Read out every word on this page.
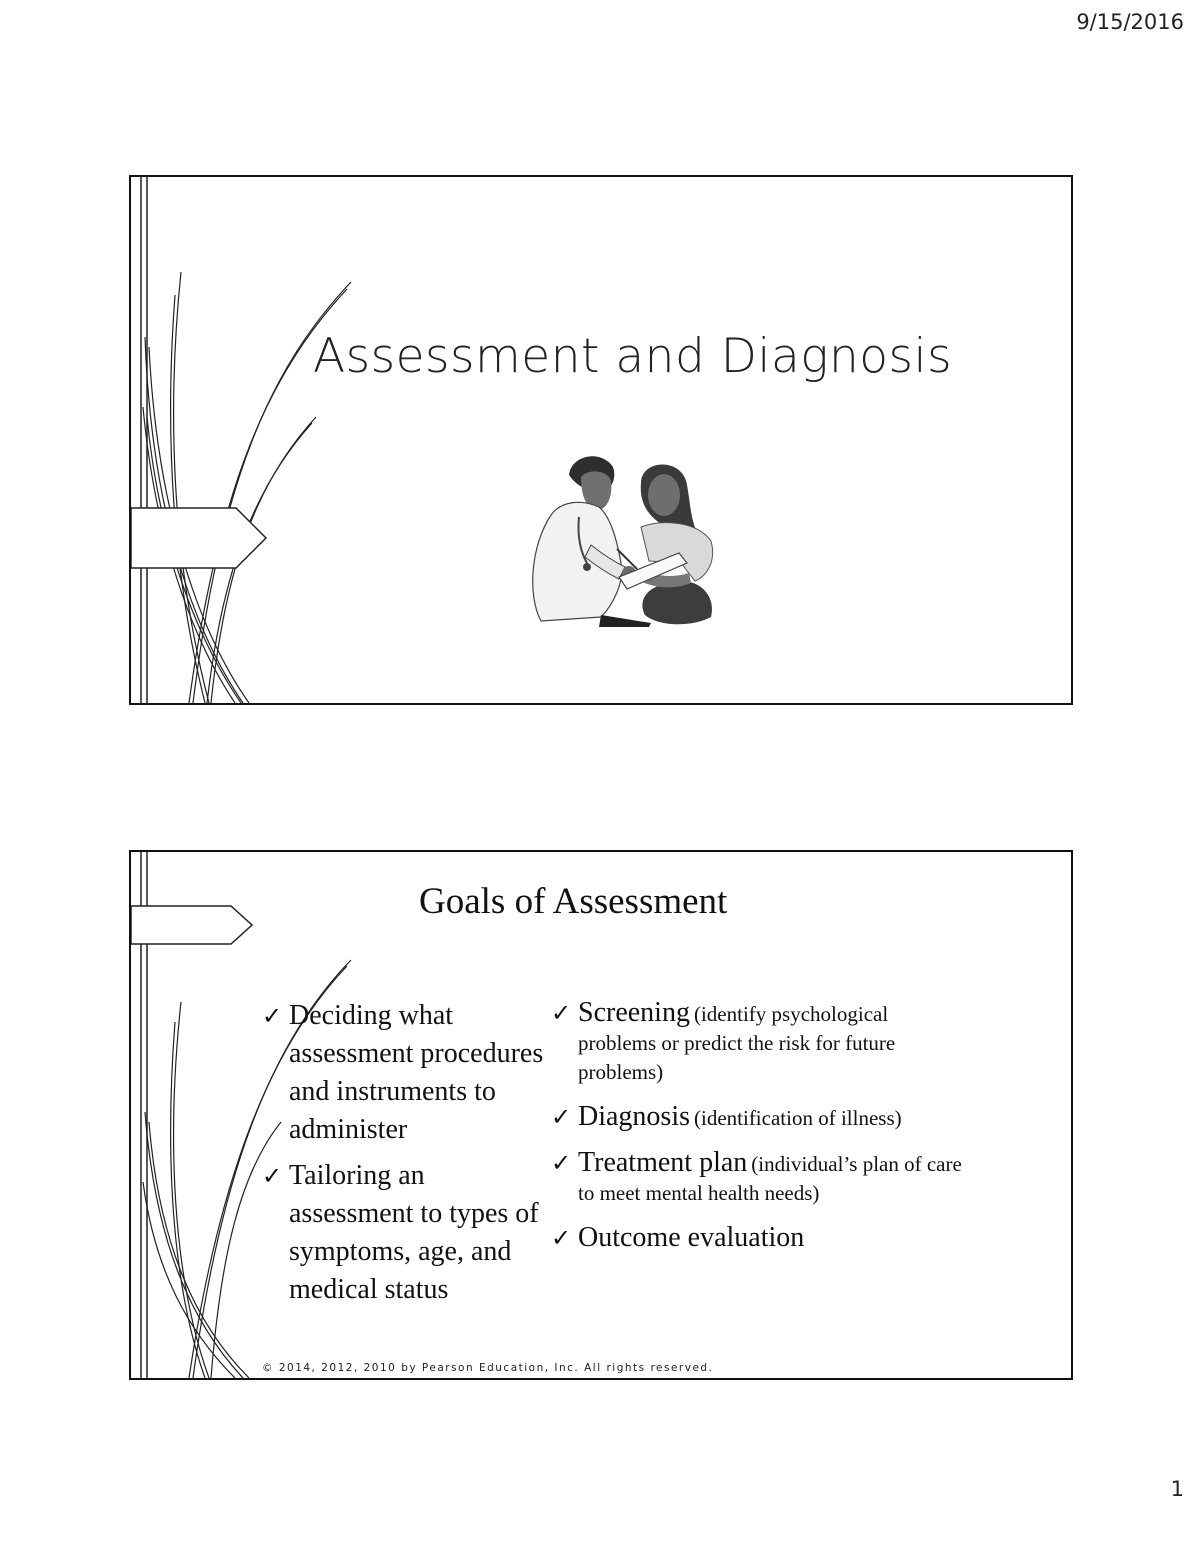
9/15/2016
Assessment and Diagnosis
Goals of Assessment
✓ Deciding what assessment procedures and instruments to administer
✓ Tailoring an assessment to types of symptoms, age, and medical status
✓ Screening (identify psychological problems or predict the risk for future problems)
✓ Diagnosis (identification of illness)
✓ Treatment plan (individual’s plan of care to meet mental health needs)
✓ Outcome evaluation
© 2014, 2012, 2010 by Pearson Education, Inc. All rights reserved.
1
